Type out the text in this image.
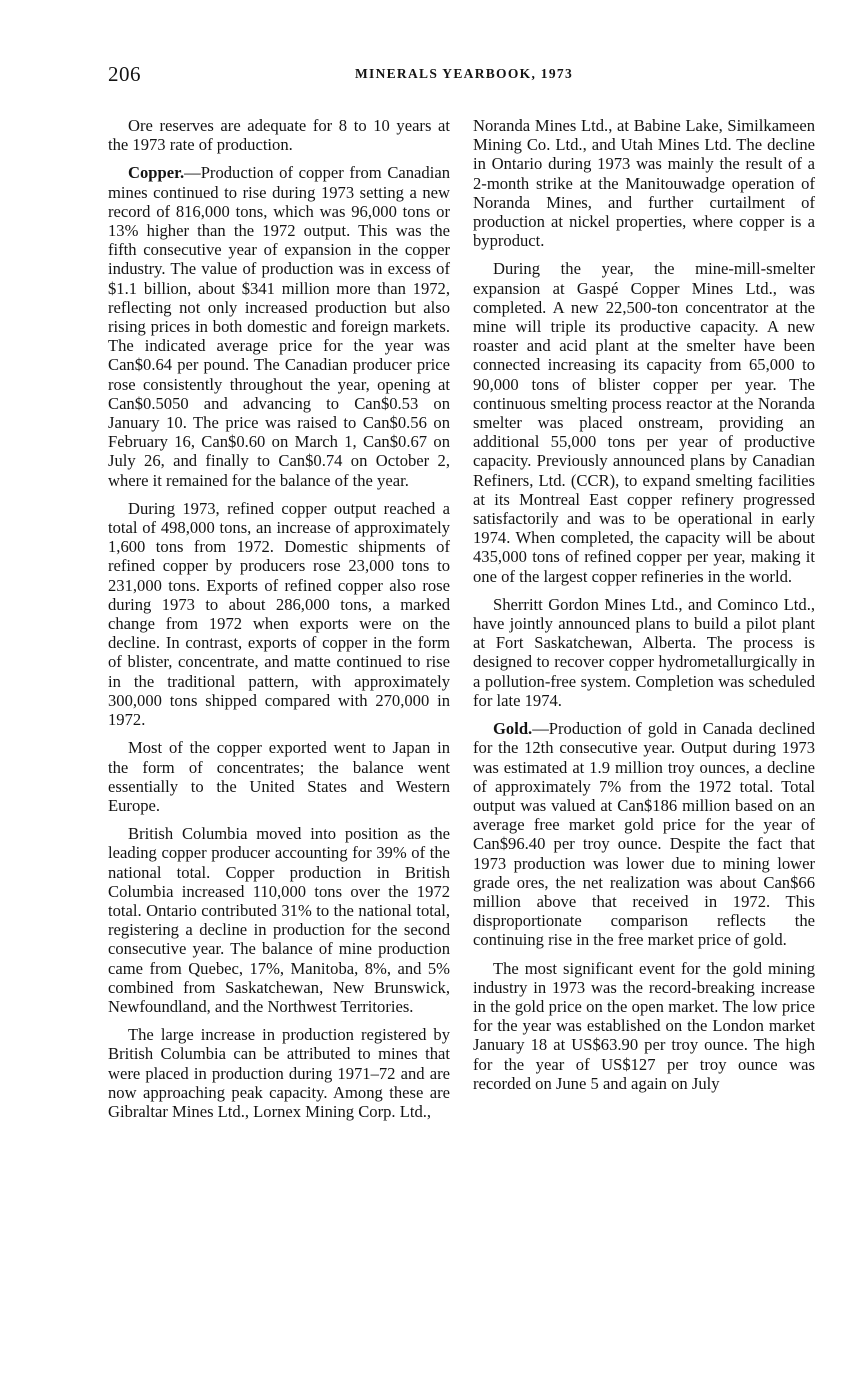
206	MINERALS YEARBOOK, 1973

Ore reserves are adequate for 8 to 10 years at the 1973 rate of production.

Copper.—Production of copper from Canadian mines continued to rise during 1973 setting a new record of 816,000 tons, which was 96,000 tons or 13% higher than the 1972 output. This was the fifth consecutive year of expansion in the copper industry. The value of production was in excess of $1.1 billion, about $341 million more than 1972, reflecting not only increased production but also rising prices in both domestic and foreign markets. The indicated average price for the year was Can$0.64 per pound. The Canadian producer price rose consistently throughout the year, opening at Can$0.5050 and advancing to Can$0.53 on January 10. The price was raised to Can$0.56 on February 16, Can$0.60 on March 1, Can$0.67 on July 26, and finally to Can$0.74 on October 2, where it remained for the balance of the year.

During 1973, refined copper output reached a total of 498,000 tons, an increase of approximately 1,600 tons from 1972. Domestic shipments of refined copper by producers rose 23,000 tons to 231,000 tons. Exports of refined copper also rose during 1973 to about 286,000 tons, a marked change from 1972 when exports were on the decline. In contrast, exports of copper in the form of blister, concentrate, and matte continued to rise in the traditional pattern, with approximately 300,000 tons shipped compared with 270,000 in 1972.

Most of the copper exported went to Japan in the form of concentrates; the balance went essentially to the United States and Western Europe.

British Columbia moved into position as the leading copper producer accounting for 39% of the national total. Copper production in British Columbia increased 110,000 tons over the 1972 total. Ontario contributed 31% to the national total, registering a decline in production for the second consecutive year. The balance of mine production came from Quebec, 17%, Manitoba, 8%, and 5% combined from Saskatchewan, New Brunswick, Newfoundland, and the Northwest Territories.

The large increase in production registered by British Columbia can be attributed to mines that were placed in production during 1971–72 and are now approaching peak capacity. Among these are Gibraltar Mines Ltd., Lornex Mining Corp. Ltd.,

Noranda Mines Ltd., at Babine Lake, Similkameen Mining Co. Ltd., and Utah Mines Ltd. The decline in Ontario during 1973 was mainly the result of a 2-month strike at the Manitouwadge operation of Noranda Mines, and further curtailment of production at nickel properties, where copper is a byproduct.

During the year, the mine-mill-smelter expansion at Gaspé Copper Mines Ltd., was completed. A new 22,500-ton concentrator at the mine will triple its productive capacity. A new roaster and acid plant at the smelter have been connected increasing its capacity from 65,000 to 90,000 tons of blister copper per year. The continuous smelting process reactor at the Noranda smelter was placed onstream, providing an additional 55,000 tons per year of productive capacity. Previously announced plans by Canadian Refiners, Ltd. (CCR), to expand smelting facilities at its Montreal East copper refinery progressed satisfactorily and was to be operational in early 1974. When completed, the capacity will be about 435,000 tons of refined copper per year, making it one of the largest copper refineries in the world.

Sherritt Gordon Mines Ltd., and Cominco Ltd., have jointly announced plans to build a pilot plant at Fort Saskatchewan, Alberta. The process is designed to recover copper hydrometallurgically in a pollution-free system. Completion was scheduled for late 1974.

Gold.—Production of gold in Canada declined for the 12th consecutive year. Output during 1973 was estimated at 1.9 million troy ounces, a decline of approximately 7% from the 1972 total. Total output was valued at Can$186 million based on an average free market gold price for the year of Can$96.40 per troy ounce. Despite the fact that 1973 production was lower due to mining lower grade ores, the net realization was about Can$66 million above that received in 1972. This disproportionate comparison reflects the continuing rise in the free market price of gold.

The most significant event for the gold mining industry in 1973 was the record-breaking increase in the gold price on the open market. The low price for the year was established on the London market January 18 at US$63.90 per troy ounce. The high for the year of US$127 per troy ounce was recorded on June 5 and again on July
